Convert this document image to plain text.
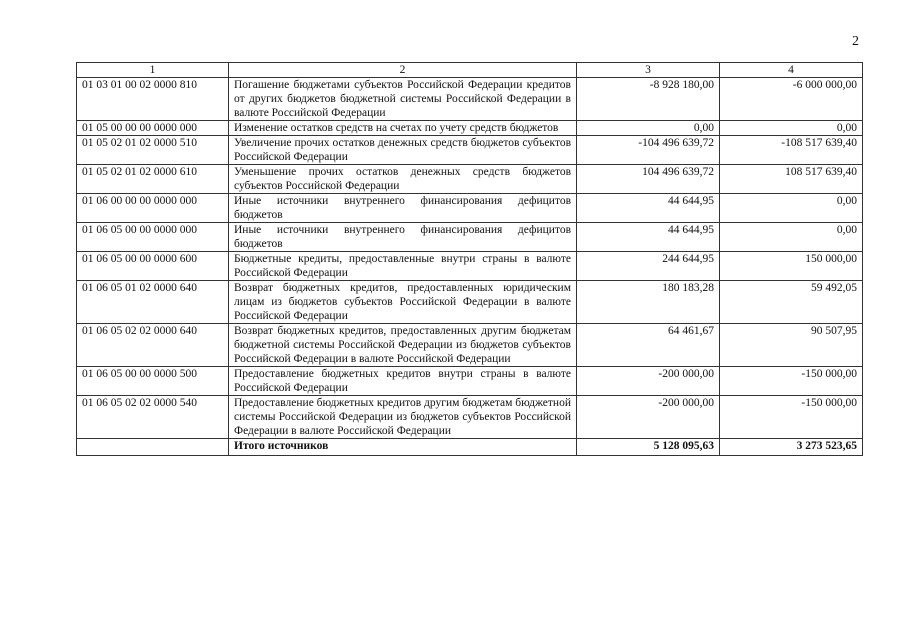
2
1	2	3	4
01 03 01 00 02 0000 810	Погашение бюджетами субъектов Российской Федерации кредитов от других бюджетов бюджетной системы Российской Федерации в валюте Российской Федерации	-8 928 180,00	-6 000 000,00
01 05 00 00 00 0000 000	Изменение остатков средств на счетах по учету средств бюджетов	0,00	0,00
01 05 02 01 02 0000 510	Увеличение прочих остатков денежных средств бюджетов субъектов Российской Федерации	-104 496 639,72	-108 517 639,40
01 05 02 01 02 0000 610	Уменьшение прочих остатков денежных средств бюджетов субъектов Российской Федерации	104 496 639,72	108 517 639,40
01 06 00 00 00 0000 000	Иные источники внутреннего финансирования дефицитов бюджетов	44 644,95	0,00
01 06 05 00 00 0000 000	Иные источники внутреннего финансирования дефицитов бюджетов	44 644,95	0,00
01 06 05 00 00 0000 600	Бюджетные кредиты, предоставленные внутри страны в валюте Российской Федерации	244 644,95	150 000,00
01 06 05 01 02 0000 640	Возврат бюджетных кредитов, предоставленных юридическим лицам из бюджетов субъектов Российской Федерации в валюте Российской Федерации	180 183,28	59 492,05
01 06 05 02 02 0000 640	Возврат бюджетных кредитов, предоставленных другим бюджетам бюджетной системы Российской Федерации из бюджетов субъектов Российской Федерации в валюте Российской Федерации	64 461,67	90 507,95
01 06 05 00 00 0000 500	Предоставление бюджетных кредитов внутри страны в валюте Российской Федерации	-200 000,00	-150 000,00
01 06 05 02 02 0000 540	Предоставление бюджетных кредитов другим бюджетам бюджетной системы Российской Федерации из бюджетов субъектов Российской Федерации в валюте Российской Федерации	-200 000,00	-150 000,00
	Итого источников	5 128 095,63	3 273 523,65
